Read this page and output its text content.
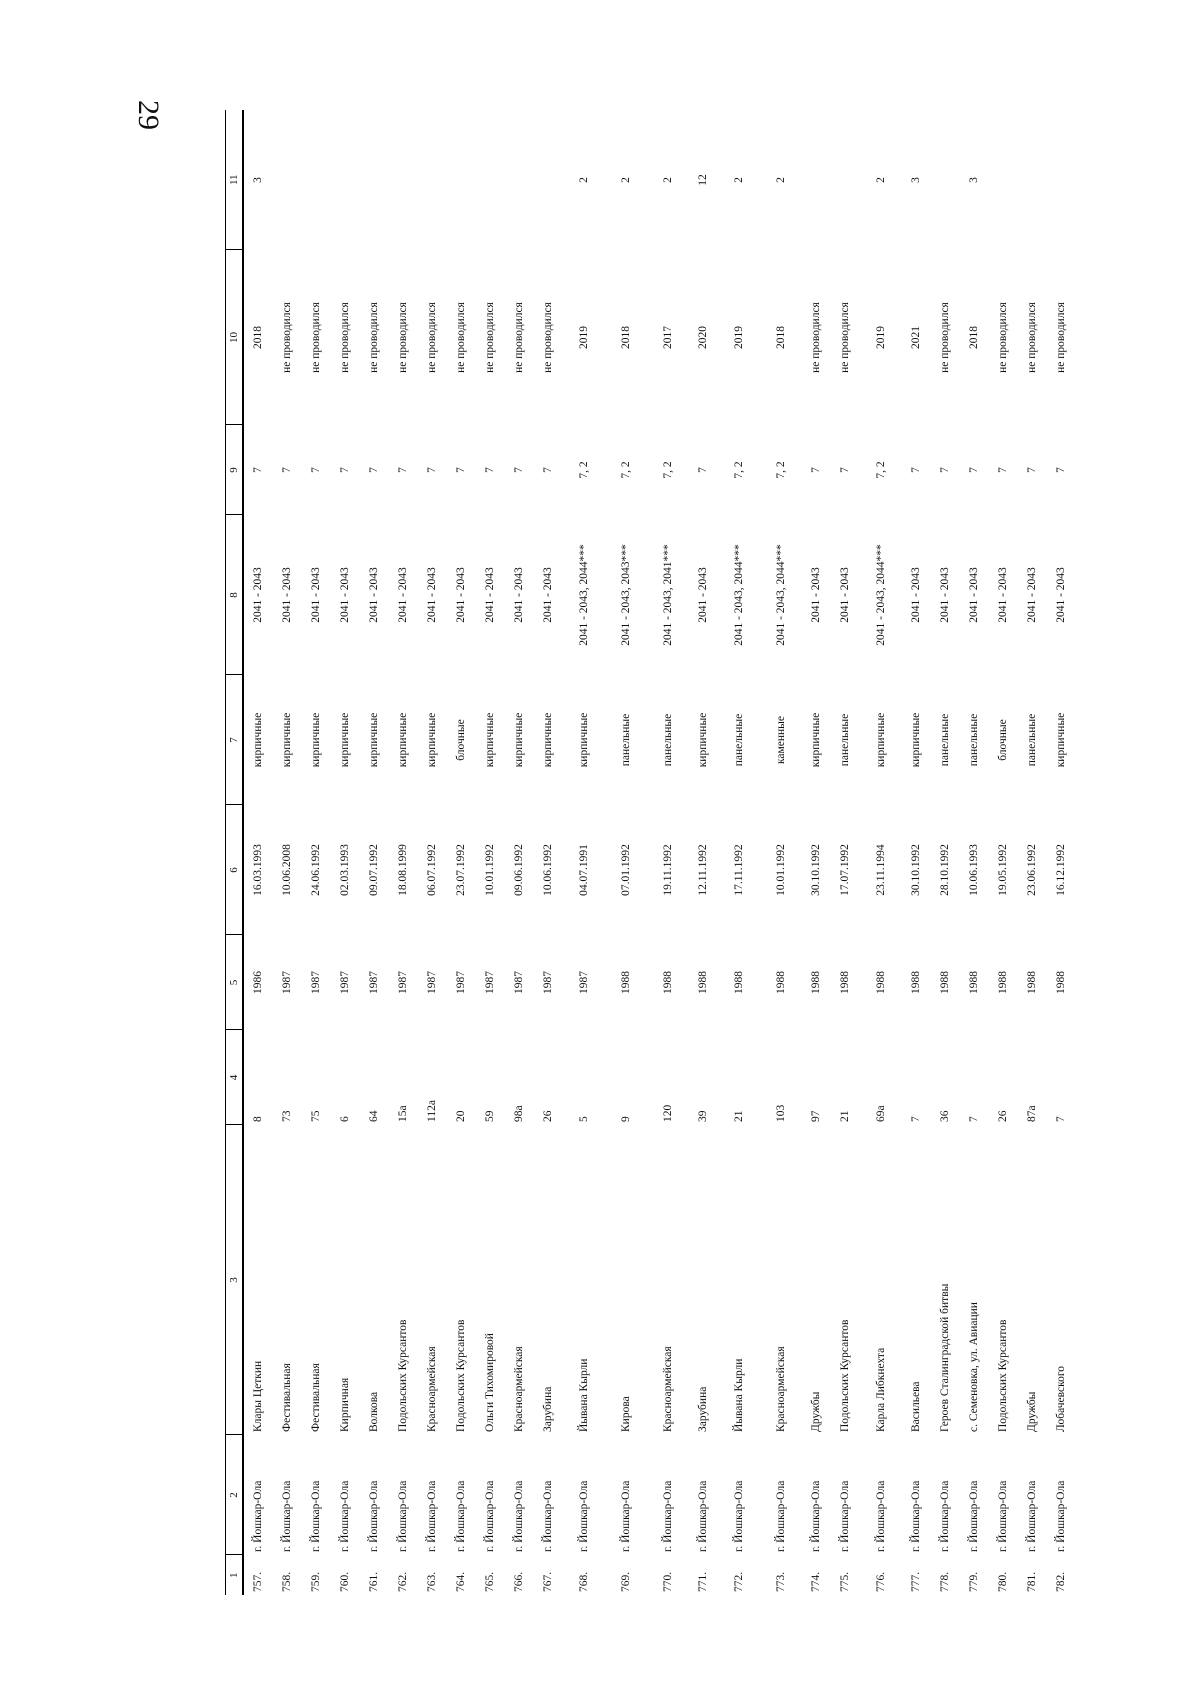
29
1	2	3	4	5	6	7	8	9	10	11
757.	г. Йошкар-Ола	Клары Цеткин	8	1986	16.03.1993	кирпичные	2041 - 2043	7	2018	3
758.	г. Йошкар-Ола	Фестивальная	73	1987	10.06.2008	кирпичные	2041 - 2043	7	не проводился	
759.	г. Йошкар-Ола	Фестивальная	75	1987	24.06.1992	кирпичные	2041 - 2043	7	не проводился	
760.	г. Йошкар-Ола	Кирпичная	6	1987	02.03.1993	кирпичные	2041 - 2043	7	не проводился	
761.	г. Йошкар-Ола	Волкова	64	1987	09.07.1992	кирпичные	2041 - 2043	7	не проводился	
762.	г. Йошкар-Ола	Подольских Курсантов	15а	1987	18.08.1999	кирпичные	2041 - 2043	7	не проводился	
763.	г. Йошкар-Ола	Красноармейская	112а	1987	06.07.1992	кирпичные	2041 - 2043	7	не проводился	
764.	г. Йошкар-Ола	Подольских Курсантов	20	1987	23.07.1992	блочные	2041 - 2043	7	не проводился	
765.	г. Йошкар-Ола	Ольги Тихомировой	59	1987	10.01.1992	кирпичные	2041 - 2043	7	не проводился	
766.	г. Йошкар-Ола	Красноармейская	98а	1987	09.06.1992	кирпичные	2041 - 2043	7	не проводился	
767.	г. Йошкар-Ола	Зарубина	26	1987	10.06.1992	кирпичные	2041 - 2043	7	не проводился	
768.	г. Йошкар-Ола	Йывана Кырли	5	1987	04.07.1991	кирпичные	2041 - 2043, 2044***	7, 2	2019	2
769.	г. Йошкар-Ола	Кирова	9	1988	07.01.1992	панельные	2041 - 2043, 2043***	7, 2	2018	2
770.	г. Йошкар-Ола	Красноармейская	120	1988	19.11.1992	панельные	2041 - 2043, 2041***	7, 2	2017	2
771.	г. Йошкар-Ола	Зарубина	39	1988	12.11.1992	кирпичные	2041 - 2043	7	2020	12
772.	г. Йошкар-Ола	Йывана Кырли	21	1988	17.11.1992	панельные	2041 - 2043, 2044***	7, 2	2019	2
773.	г. Йошкар-Ола	Красноармейская	103	1988	10.01.1992	каменные	2041 - 2043, 2044***	7, 2	2018	2
774.	г. Йошкар-Ола	Дружбы	97	1988	30.10.1992	кирпичные	2041 - 2043	7	не проводился	
775.	г. Йошкар-Ола	Подольских Курсантов	21	1988	17.07.1992	панельные	2041 - 2043	7	не проводился	
776.	г. Йошкар-Ола	Карла Либкнехта	69а	1988	23.11.1994	кирпичные	2041 - 2043, 2044***	7, 2	2019	2
777.	г. Йошкар-Ола	Васильева	7	1988	30.10.1992	кирпичные	2041 - 2043	7	2021	3
778.	г. Йошкар-Ола	Героев Сталинградской битвы	36	1988	28.10.1992	панельные	2041 - 2043	7	не проводился	
779.	г. Йошкар-Ола	с. Семеновка, ул. Авиации	7	1988	10.06.1993	панельные	2041 - 2043	7	2018	3
780.	г. Йошкар-Ола	Подольских Курсантов	26	1988	19.05.1992	блочные	2041 - 2043	7	не проводился	
781.	г. Йошкар-Ола	Дружбы	87а	1988	23.06.1992	панельные	2041 - 2043	7	не проводился	
782.	г. Йошкар-Ола	Лобачевского	7	1988	16.12.1992	кирпичные	2041 - 2043	7	не проводился	
